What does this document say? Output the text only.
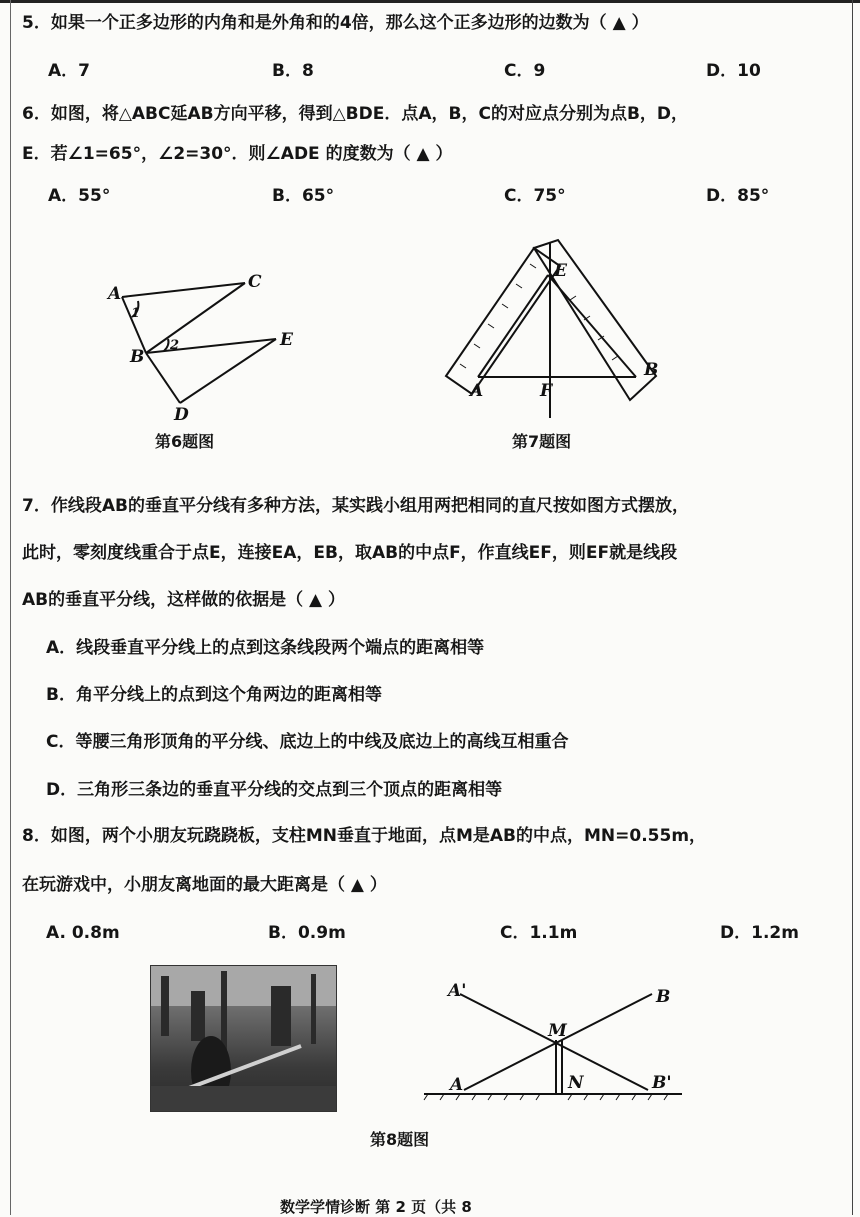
5．如果一个正多边形的内角和是外角和的4倍，那么这个正多边形的边数为（ ▲ ）
A．7	B．8	C．9	D．10
6．如图，将△ABC延AB方向平移，得到△BDE．点A，B，C的对应点分别为点B，D，
E．若∠1=65°，∠2=30°．则∠ADE 的度数为（ ▲ ）
A．55°	B．65°	C．75°	D．85°
A
C
B
E
D
1
2
第6题图
E
A	F
B
第7题图
7．作线段AB的垂直平分线有多种方法，某实践小组用两把相同的直尺按如图方式摆放，
此时，零刻度线重合于点E，连接EA，EB，取AB的中点F，作直线EF，则EF就是线段
AB的垂直平分线，这样做的依据是（ ▲ ）
A．线段垂直平分线上的点到这条线段两个端点的距离相等
B．角平分线上的点到这个角两边的距离相等
C．等腰三角形顶角的平分线、底边上的中线及底边上的高线互相重合
D．三角形三条边的垂直平分线的交点到三个顶点的距离相等
8．如图，两个小朋友玩跷跷板，支柱MN垂直于地面，点M是AB的中点，MN=0.55m，
在玩游戏中，小朋友离地面的最大距离是（ ▲ ）
A. 0.8m	B．0.9m	C．1.1m	D．1.2m
A'	B
M
A	N	B'
第8题图
数学学情诊断 第 2 页（共 8
